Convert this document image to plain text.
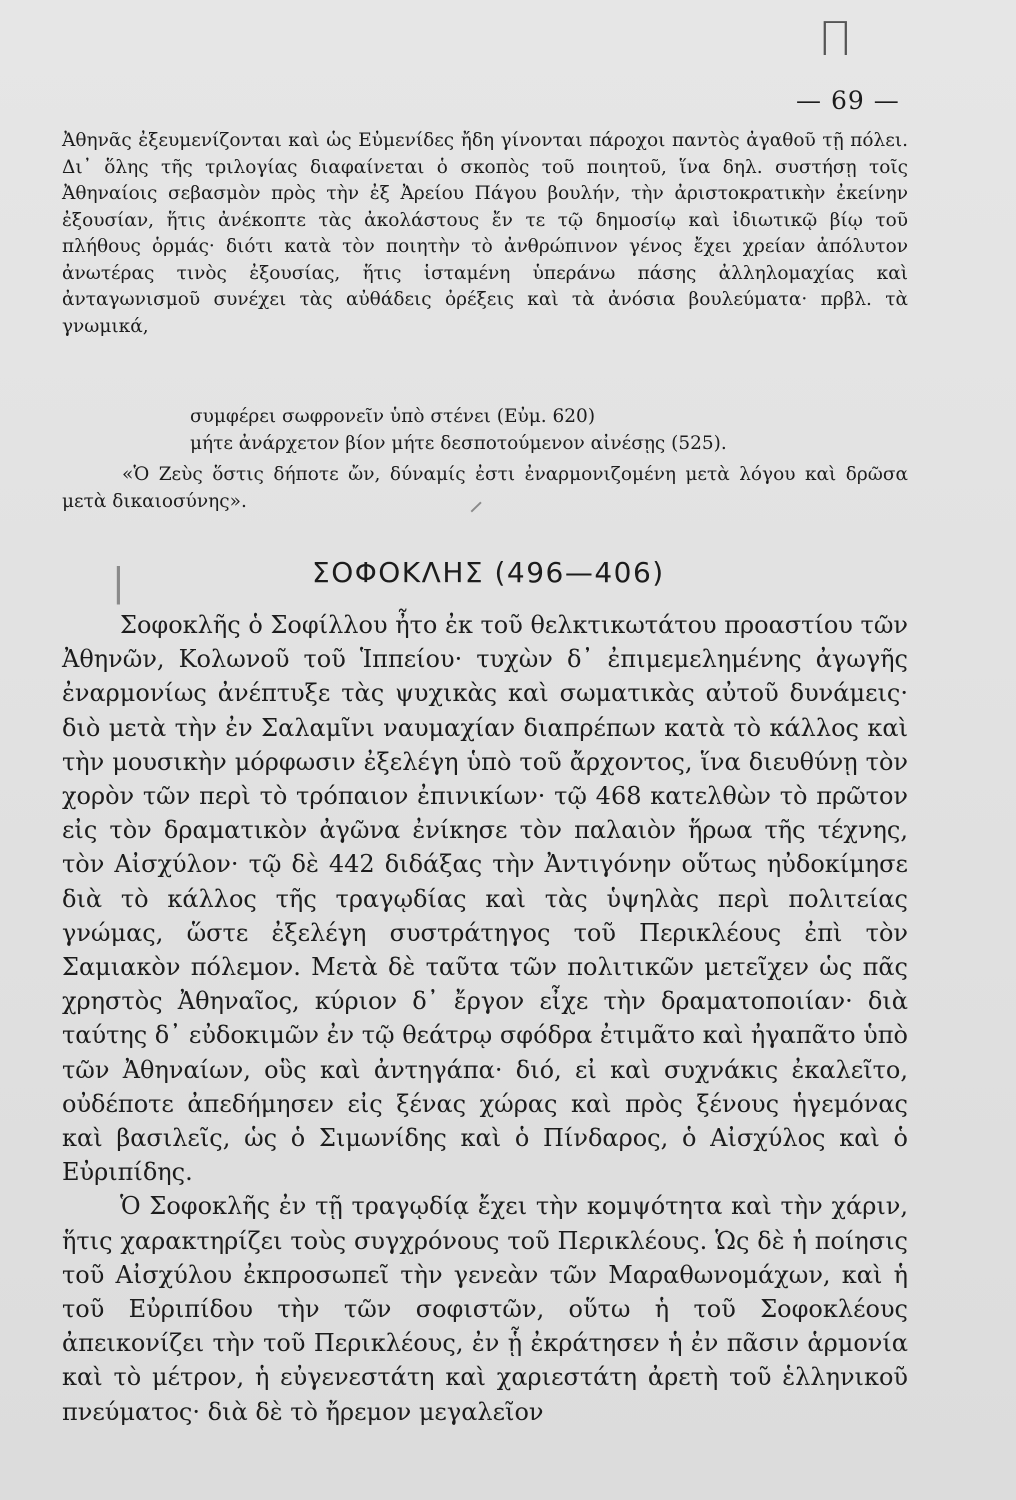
Π
— 69 —

Ἀθηνᾶς ἐξευμενίζονται καὶ ὡς Εὐμενίδες ἤδη γίνονται πάροχοι παντὸς ἀγαθοῦ τῇ πόλει. Δι᾽ ὅλης τῆς τριλογίας διαφαίνεται ὁ σκοπὸς τοῦ ποιητοῦ, ἵνα δηλ. συστήσῃ τοῖς Ἀθηναίοις σεβασμὸν πρὸς τὴν ἐξ Ἀρείου Πάγου βουλήν, τὴν ἀριστοκρατικὴν ἐκείνην ἐξουσίαν, ἥτις ἀνέκοπτε τὰς ἀκολάστους ἔν τε τῷ δημοσίῳ καὶ ἰδιωτικῷ βίῳ τοῦ πλήθους ὁρμάς· διότι κατὰ τὸν ποιητὴν τὸ ἀνθρώπινον γένος ἔχει χρείαν ἀπόλυτον ἀνωτέρας τινὸς ἐξουσίας, ἥτις ἱσταμένη ὑπεράνω πάσης ἀλληλομαχίας καὶ ἀνταγωνισμοῦ συνέχει τὰς αὐθάδεις ὀρέξεις καὶ τὰ ἀνόσια βουλεύματα· πρβλ. τὰ γνωμικά,

συμφέρει σωφρονεῖν ὑπὸ στένει (Εὐμ. 620)
μήτε ἀνάρχετον βίον μήτε δεσποτούμενον αἰνέσῃς (525).

«Ὁ Ζεὺς ὅστις δήποτε ὤν, δύναμίς ἐστι ἐναρμονιζομένη μετὰ λόγου καὶ δρῶσα μετὰ δικαιοσύνης».	ᐟ
|	ΣΟΦΟΚΛΗΣ (496—406)

Σοφοκλῆς ὁ Σοφίλλου ἦτο ἐκ τοῦ θελκτικωτάτου προαστίου τῶν Ἀθηνῶν, Κολωνοῦ τοῦ Ἱππείου· τυχὼν δ᾽ ἐπιμεμελημένης ἀγωγῆς ἐναρμονίως ἀνέπτυξε τὰς ψυχικὰς καὶ σωματικὰς αὐτοῦ δυνάμεις· διὸ μετὰ τὴν ἐν Σαλαμῖνι ναυμαχίαν διαπρέπων κατὰ τὸ κάλλος καὶ τὴν μουσικὴν μόρφωσιν ἐξελέγη ὑπὸ τοῦ ἄρχοντος, ἵνα διευθύνῃ τὸν χορὸν τῶν περὶ τὸ τρόπαιον ἐπινικίων· τῷ 468 κατελθὼν τὸ πρῶτον εἰς τὸν δραματικὸν ἀγῶνα ἐνίκησε τὸν παλαιὸν ἥρωα τῆς τέχνης, τὸν Αἰσχύλον· τῷ δὲ 442 διδάξας τὴν Ἀντιγόνην οὕτως ηὐδοκίμησε διὰ τὸ κάλλος τῆς τραγῳδίας καὶ τὰς ὑψηλὰς περὶ πολιτείας γνώμας, ὥστε ἐξελέγη συστράτηγος τοῦ Περικλέους ἐπὶ τὸν Σαμιακὸν πόλεμον. Μετὰ δὲ ταῦτα τῶν πολιτικῶν μετεῖχεν ὡς πᾶς χρηστὸς Ἀθηναῖος, κύριον δ᾽ ἔργον εἶχε τὴν δραματοποιίαν· διὰ ταύτης δ᾽ εὐδοκιμῶν ἐν τῷ θεάτρῳ σφόδρα ἐτιμᾶτο καὶ ἠγαπᾶτο ὑπὸ τῶν Ἀθηναίων, οὓς καὶ ἀντηγάπα· διό, εἰ καὶ συχνάκις ἐκαλεῖτο, οὐδέποτε ἀπεδήμησεν εἰς ξένας χώρας καὶ πρὸς ξένους ἡγεμόνας καὶ βασιλεῖς, ὡς ὁ Σιμωνίδης καὶ ὁ Πίνδαρος, ὁ Αἰσχύλος καὶ ὁ Εὐριπίδης.

Ὁ Σοφοκλῆς ἐν τῇ τραγῳδίᾳ ἔχει τὴν κομψότητα καὶ τὴν χάριν, ἥτις χαρακτηρίζει τοὺς συγχρόνους τοῦ Περικλέους. Ὡς δὲ ἡ ποίησις τοῦ Αἰσχύλου ἐκπροσωπεῖ τὴν γενεὰν τῶν Μαραθωνομάχων, καὶ ἡ τοῦ Εὐριπίδου τὴν τῶν σοφιστῶν, οὕτω ἡ τοῦ Σοφοκλέους ἀπεικονίζει τὴν τοῦ Περικλέους, ἐν ᾗ ἐκράτησεν ἡ ἐν πᾶσιν ἁρμονία καὶ τὸ μέτρον, ἡ εὐγενεστάτη καὶ χαριεστάτη ἀρετὴ τοῦ ἑλληνικοῦ πνεύματος· διὰ δὲ τὸ ἤρεμον μεγαλεῖον
